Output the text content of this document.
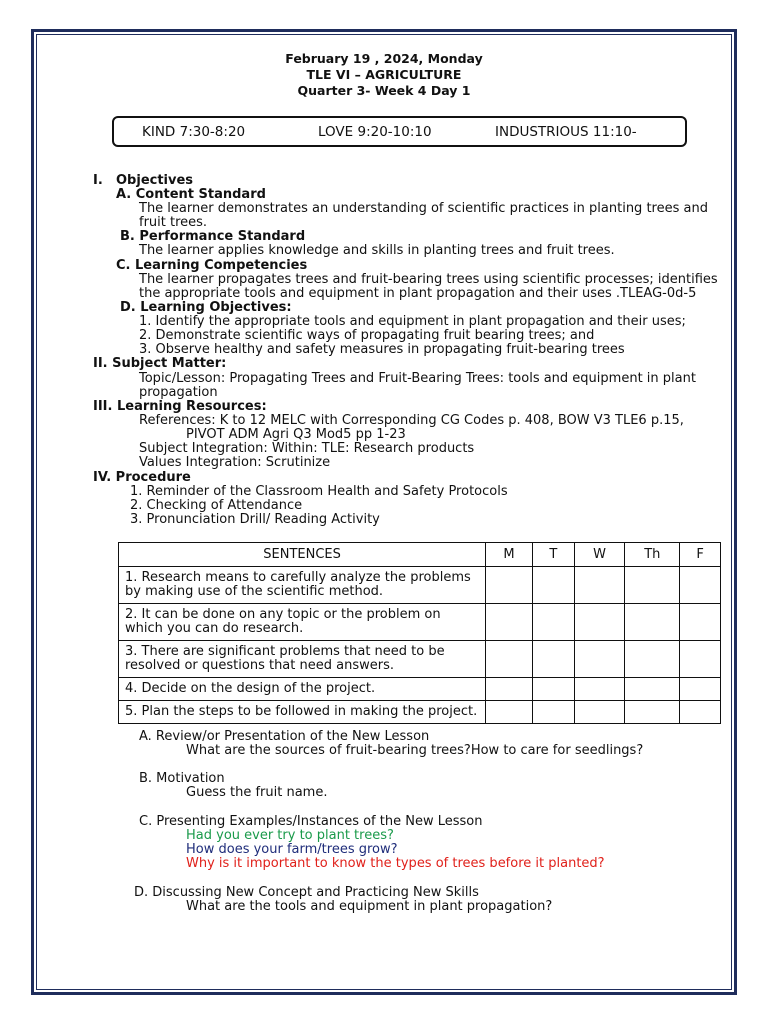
February 19 , 2024, Monday
TLE VI – AGRICULTURE
Quarter 3- Week 4 Day 1
KIND 7:30-8:20	LOVE 9:20-10:10	INDUSTRIOUS 11:10-
I. Objectives
A. Content Standard
The learner demonstrates an understanding of scientific practices in planting trees and
fruit trees.
B. Performance Standard
The learner applies knowledge and skills in planting trees and fruit trees.
C. Learning Competencies
The learner propagates trees and fruit-bearing trees using scientific processes; identifies
the appropriate tools and equipment in plant propagation and their uses .TLEAG-0d-5
D. Learning Objectives:
1. Identify the appropriate tools and equipment in plant propagation and their uses;
2. Demonstrate scientific ways of propagating fruit bearing trees; and
3. Observe healthy and safety measures in propagating fruit-bearing trees
II. Subject Matter:
Topic/Lesson: Propagating Trees and Fruit-Bearing Trees: tools and equipment in plant
propagation
III. Learning Resources:
References: K to 12 MELC with Corresponding CG Codes p. 408, BOW V3 TLE6 p.15,
PIVOT ADM Agri Q3 Mod5 pp 1-23
Subject Integration: Within: TLE: Research products
Values Integration: Scrutinize
IV. Procedure
1. Reminder of the Classroom Health and Safety Protocols
2. Checking of Attendance
3. Pronunciation Drill/ Reading Activity
SENTENCES	M	T	W	Th	F
1. Research means to carefully analyze the problems
by making use of the scientific method.					
2. It can be done on any topic or the problem on
which you can do research.					
3. There are significant problems that need to be
resolved or questions that need answers.					
4. Decide on the design of the project.					
5. Plan the steps to be followed in making the project.					
A. Review/or Presentation of the New Lesson
What are the sources of fruit-bearing trees?How to care for seedlings?
B. Motivation
Guess the fruit name.
C. Presenting Examples/Instances of the New Lesson
Had you ever try to plant trees?
How does your farm/trees grow?
Why is it important to know the types of trees before it planted?
D. Discussing New Concept and Practicing New Skills
What are the tools and equipment in plant propagation?
